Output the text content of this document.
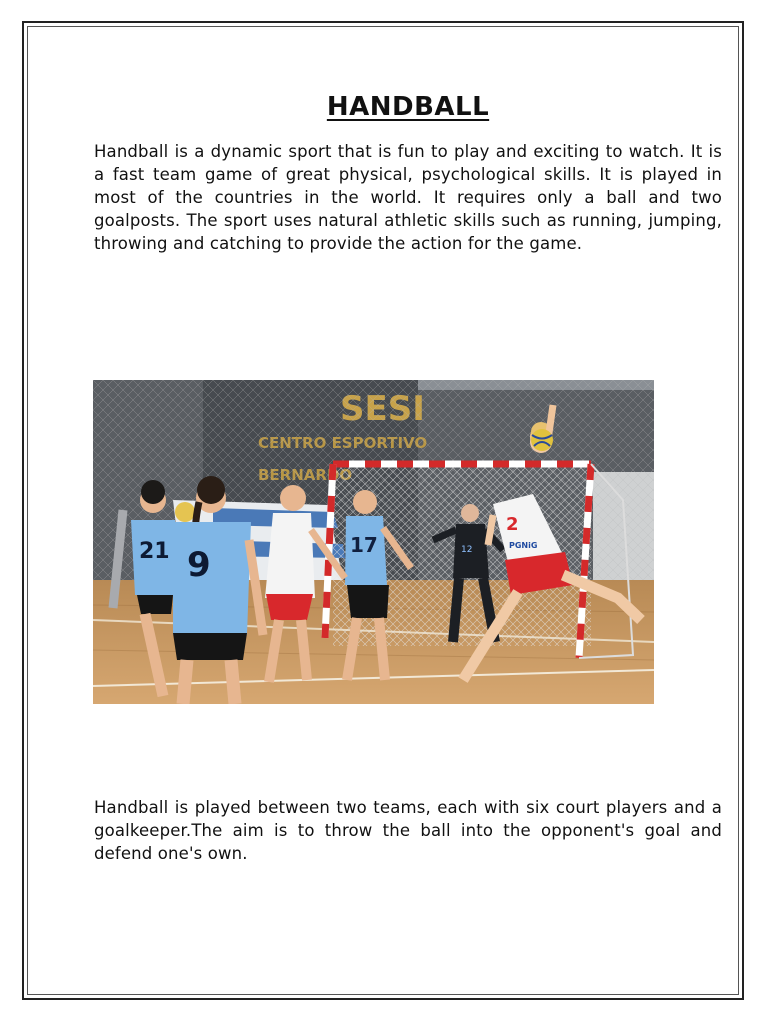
HANDBALL
Handball is a dynamic sport that is fun to play and exciting to watch. It is a fast team game of great physical, psychological skills. It is played in most of the countries in the world. It requires only a ball and two goalposts. The sport uses natural athletic skills such as running, jumping, throwing and catching to provide the action for the game.
12
2
PGNiG
17
21 9
Handball is played between two teams, each with six court players and a goalkeeper.The aim is to throw the ball into the opponent's goal and defend one's own.
